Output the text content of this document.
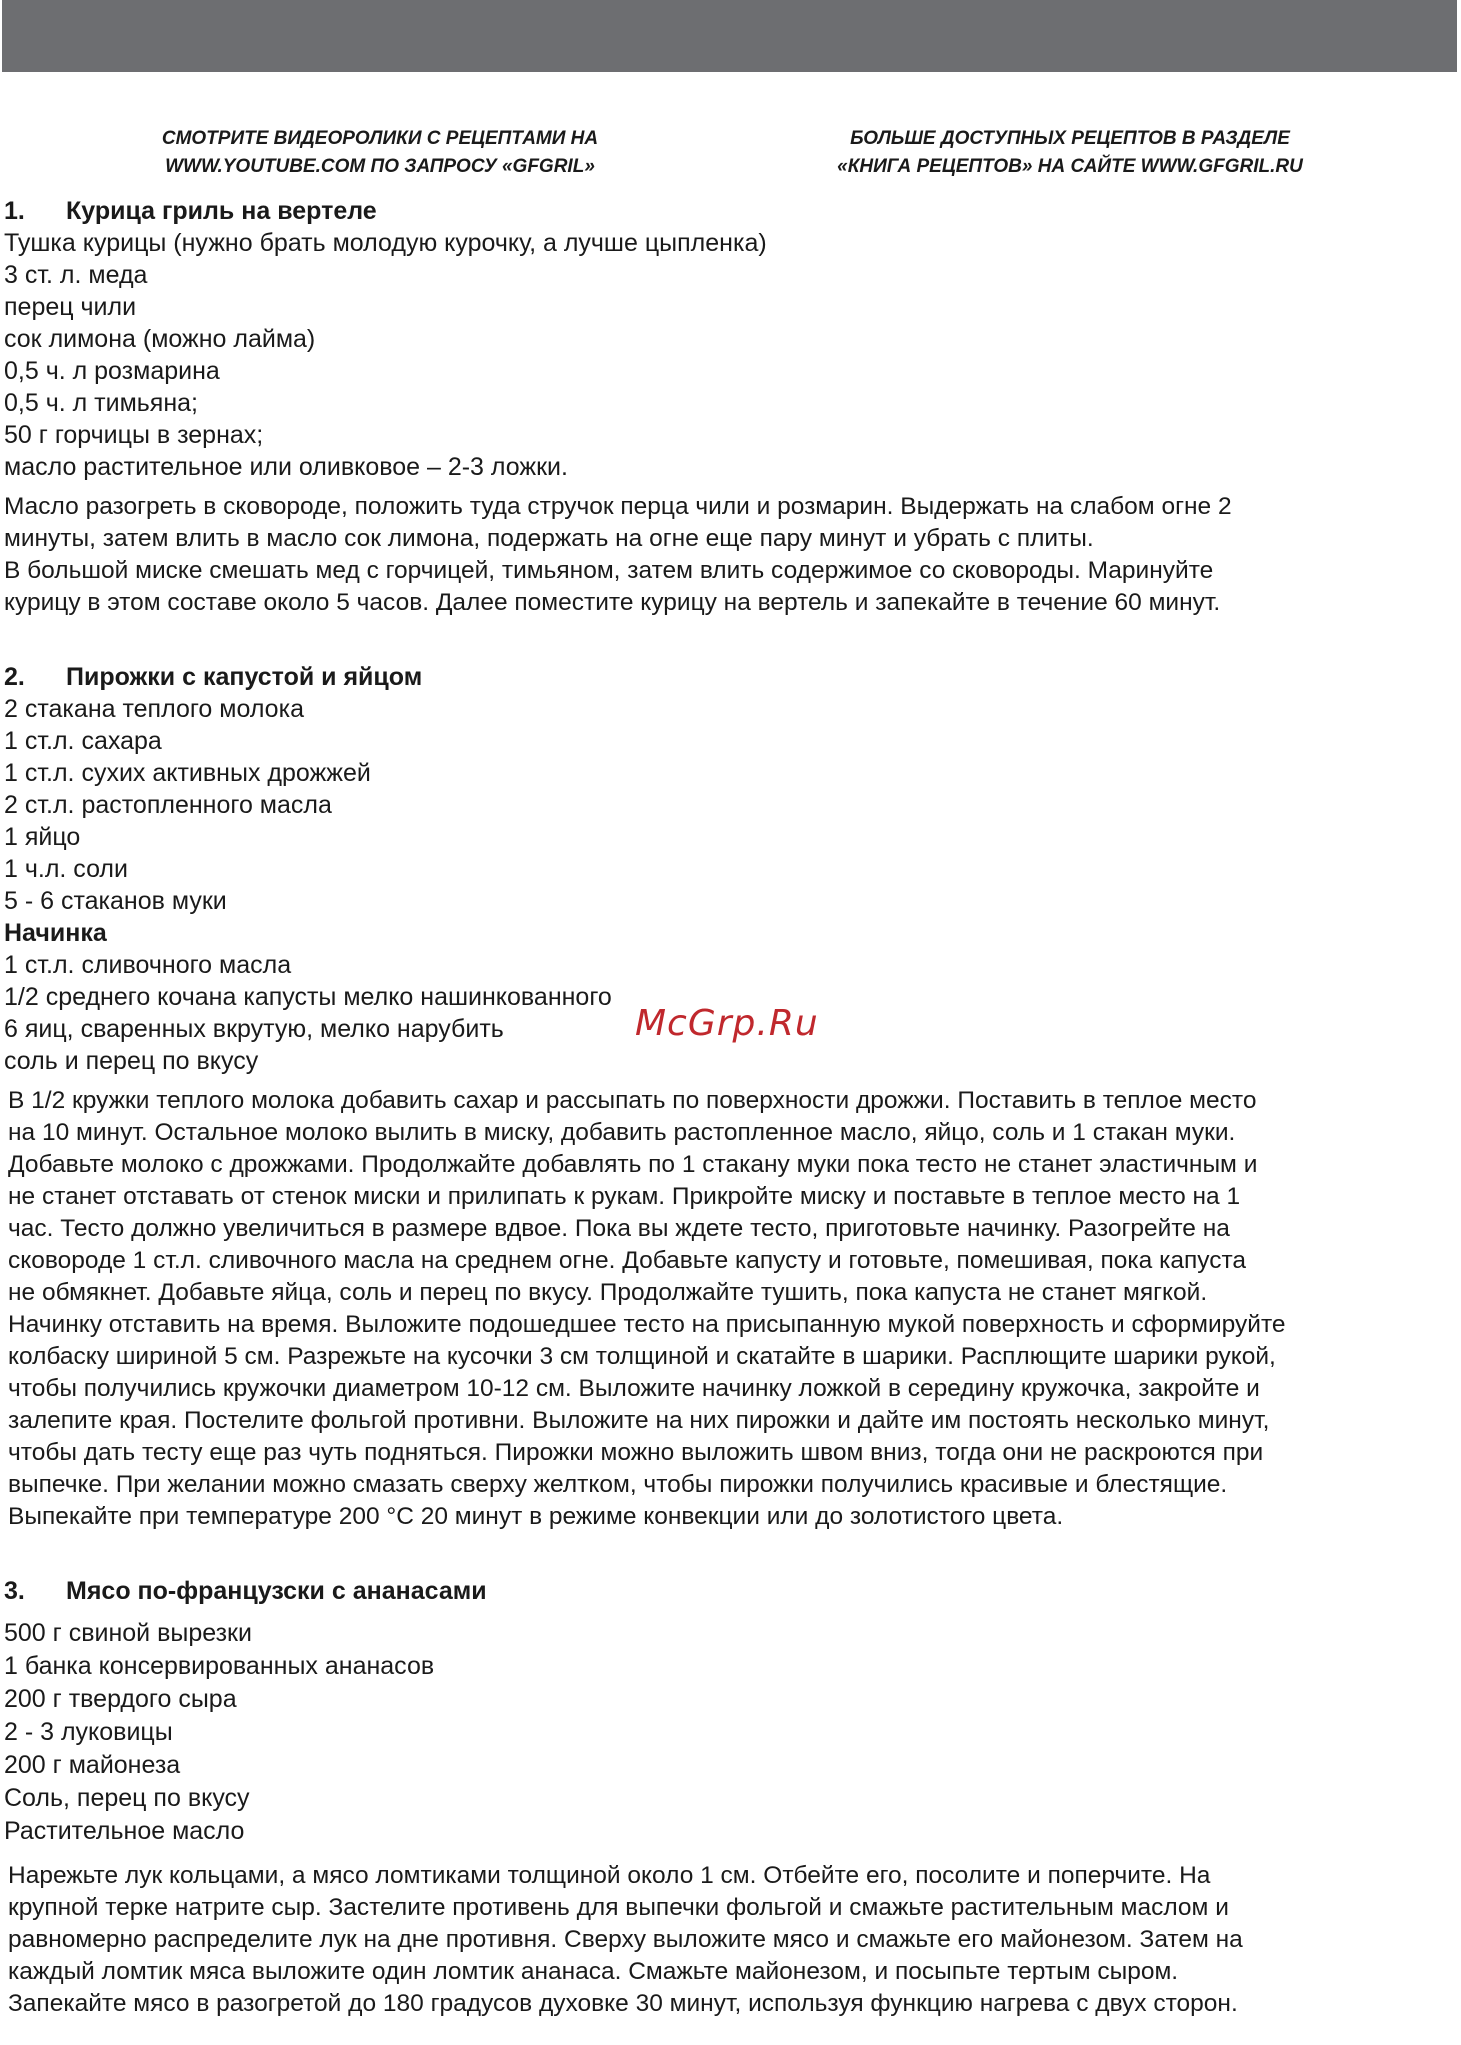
СМОТРИТЕ ВИДЕОРОЛИКИ С РЕЦЕПТАМИ НА
WWW.YOUTUBE.COM ПО ЗАПРОСУ «GFGRIL»
БОЛЬШЕ ДОСТУПНЫХ РЕЦЕПТОВ В РАЗДЕЛЕ
«КНИГА РЕЦЕПТОВ» НА САЙТЕ WWW.GFGRIL.RU
1. Курица гриль на вертеле
Тушка курицы (нужно брать молодую курочку, а лучше цыпленка)
3 ст. л. меда
перец чили
сок лимона (можно лайма)
0,5 ч. л розмарина
0,5 ч. л тимьяна;
50 г горчицы в зернах;
масло растительное или оливковое – 2-3 ложки.
Масло разогреть в сковороде, положить туда стручок перца чили и розмарин. Выдержать на слабом огне 2
минуты, затем влить в масло сок лимона, подержать на огне еще пару минут и убрать с плиты.
В большой миске смешать мед с горчицей, тимьяном, затем влить содержимое со сковороды. Маринуйте
курицу в этом составе около 5 часов. Далее поместите курицу на вертель и запекайте в течение 60 минут.
2. Пирожки с капустой и яйцом
2 стакана теплого молока
1 ст.л. сахара
1 ст.л. сухих активных дрожжей
2 ст.л. растопленного масла
1 яйцо
1 ч.л. соли
5 - 6 стаканов муки
Начинка
1 ст.л. сливочного масла
1/2 среднего кочана капусты мелко нашинкованного
6 яиц, сваренных вкрутую, мелко нарубить
соль и перец по вкусу
В 1/2 кружки теплого молока добавить сахар и рассыпать по поверхности дрожжи. Поставить в теплое место
на 10 минут. Остальное молоко вылить в миску, добавить растопленное масло, яйцо, соль и 1 стакан муки.
Добавьте молоко с дрожжами. Продолжайте добавлять по 1 стакану муки пока тесто не станет эластичным и
не станет отставать от стенок миски и прилипать к рукам. Прикройте миску и поставьте в теплое место на 1
час. Тесто должно увеличиться в размере вдвое. Пока вы ждете тесто, приготовьте начинку. Разогрейте на
сковороде 1 ст.л. сливочного масла на среднем огне. Добавьте капусту и готовьте, помешивая, пока капуста
не обмякнет. Добавьте яйца, соль и перец по вкусу. Продолжайте тушить, пока капуста не станет мягкой.
Начинку отставить на время. Выложите подошедшее тесто на присыпанную мукой поверхность и сформируйте
колбаску шириной 5 см. Разрежьте на кусочки 3 см толщиной и скатайте в шарики. Расплющите шарики рукой,
чтобы получились кружочки диаметром 10-12 см. Выложите начинку ложкой в середину кружочка, закройте и
залепите края. Постелите фольгой противни. Выложите на них пирожки и дайте им постоять несколько минут,
чтобы дать тесту еще раз чуть подняться. Пирожки можно выложить швом вниз, тогда они не раскроются при
выпечке. При желании можно смазать сверху желтком, чтобы пирожки получились красивые и блестящие.
Выпекайте при температуре 200 °С 20 минут в режиме конвекции или до золотистого цвета.
3. Мясо по-французски с ананасами
500 г свиной вырезки
1 банка консервированных ананасов
200 г твердого сыра
2 - 3 луковицы
200 г майонеза
Соль, перец по вкусу
Растительное масло
Нарежьте лук кольцами, а мясо ломтиками толщиной около 1 см. Отбейте его, посолите и поперчите. На
крупной терке натрите сыр. Застелите противень для выпечки фольгой и смажьте растительным маслом и
равномерно распределите лук на дне противня. Сверху выложите мясо и смажьте его майонезом. Затем на
каждый ломтик мяса выложите один ломтик ананаса. Смажьте майонезом, и посыпьте тертым сыром.
Запекайте мясо в разогретой до 180 градусов духовке 30 минут, используя функцию нагрева с двух сторон.
McGrp.Ru
